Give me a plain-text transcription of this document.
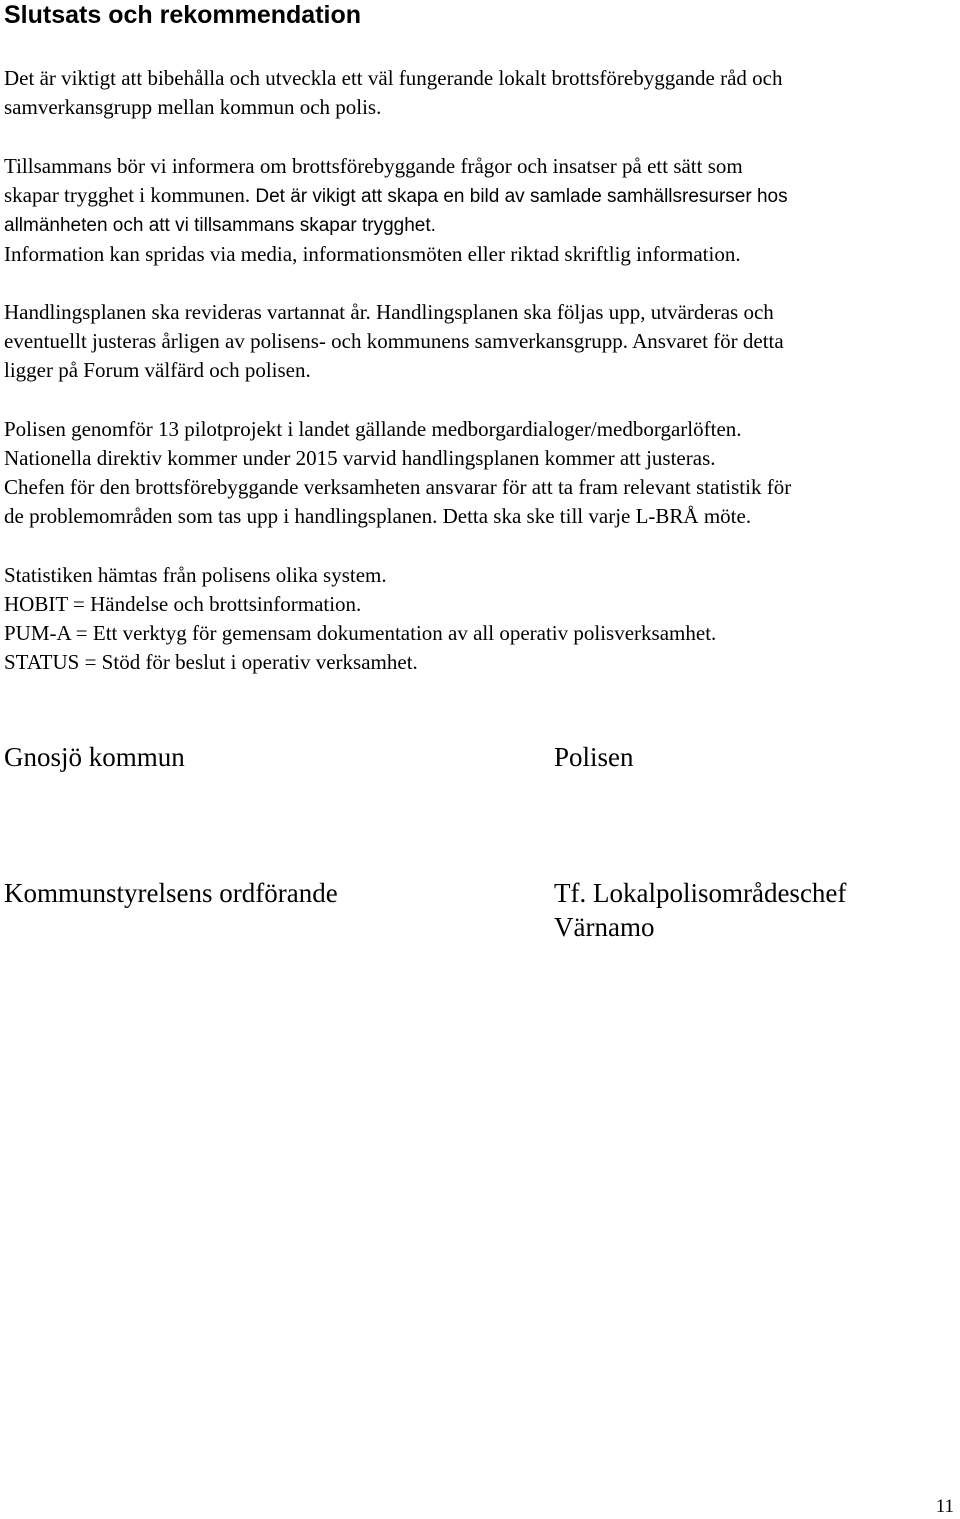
Slutsats och rekommendation

Det är viktigt att bibehålla och utveckla ett väl fungerande lokalt brottsförebyggande råd och
samverkansgrupp mellan kommun och polis.

Tillsammans bör vi informera om brottsförebyggande frågor och insatser på ett sätt som
skapar trygghet i kommunen. Det är vikigt att skapa en bild av samlade samhällsresurser hos
allmänheten och att vi tillsammans skapar trygghet.
Information kan spridas via media, informationsmöten eller riktad skriftlig information.

Handlingsplanen ska revideras vartannat år. Handlingsplanen ska följas upp, utvärderas och
eventuellt justeras årligen av polisens- och kommunens samverkansgrupp. Ansvaret för detta
ligger på Forum välfärd och polisen.

Polisen genomför 13 pilotprojekt i landet gällande medborgardialoger/medborgarlöften.
Nationella direktiv kommer under 2015 varvid handlingsplanen kommer att justeras.
Chefen för den brottsförebyggande verksamheten ansvarar för att ta fram relevant statistik för
de problemområden som tas upp i handlingsplanen. Detta ska ske till varje L-BRÅ möte.

Statistiken hämtas från polisens olika system.
HOBIT = Händelse och brottsinformation.
PUM-A = Ett verktyg för gemensam dokumentation av all operativ polisverksamhet.
STATUS = Stöd för beslut i operativ verksamhet.

Gnosjö kommun	Polisen

Kommunstyrelsens ordförande	Tf. Lokalpolisområdeschef
Värnamo

11
